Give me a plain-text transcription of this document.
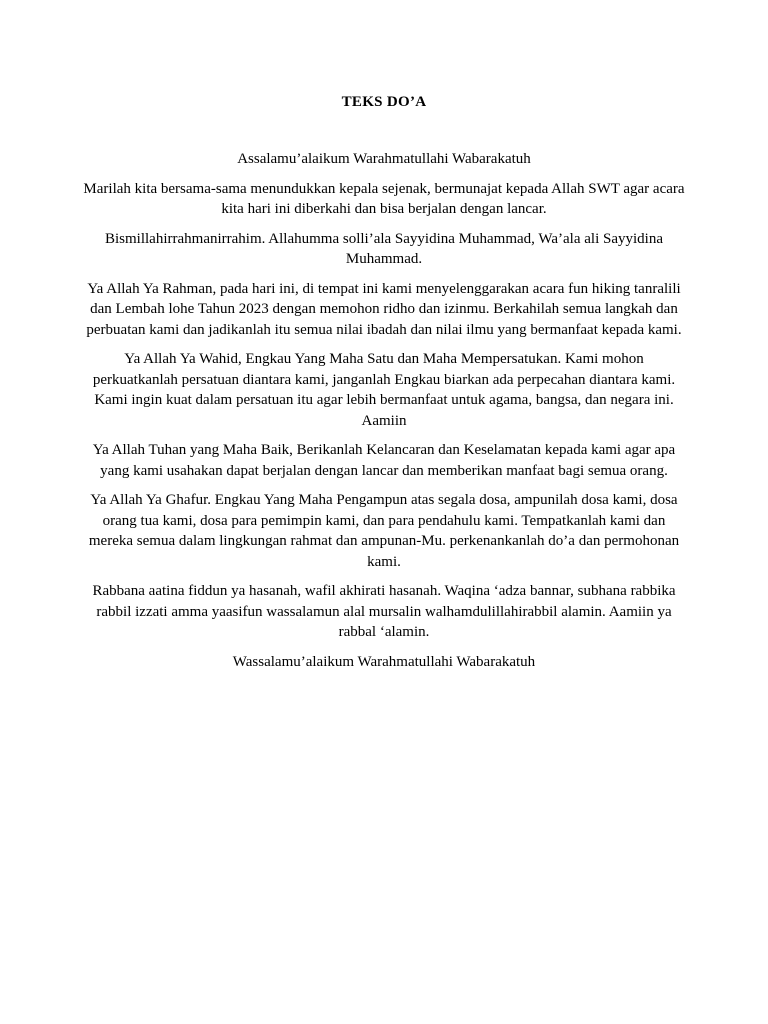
TEKS DO’A

Assalamu’alaikum Warahmatullahi Wabarakatuh

Marilah kita bersama-sama menundukkan kepala sejenak, bermunajat kepada Allah SWT agar acara kita hari ini diberkahi dan bisa berjalan dengan lancar.

Bismillahirrahmanirrahim. Allahumma solli’ala Sayyidina Muhammad, Wa’ala ali Sayyidina Muhammad.

Ya Allah Ya Rahman, pada hari ini, di tempat ini kami menyelenggarakan acara fun hiking tanralili dan Lembah lohe Tahun 2023 dengan memohon ridho dan izinmu. Berkahilah semua langkah dan perbuatan kami dan jadikanlah itu semua nilai ibadah dan nilai ilmu yang bermanfaat kepada kami.

Ya Allah Ya Wahid, Engkau Yang Maha Satu dan Maha Mempersatukan. Kami mohon perkuatkanlah persatuan diantara kami, janganlah Engkau biarkan ada perpecahan diantara kami. Kami ingin kuat dalam persatuan itu agar lebih bermanfaat untuk agama, bangsa, dan negara ini. Aamiin

Ya Allah Tuhan yang Maha Baik, Berikanlah Kelancaran dan Keselamatan kepada kami agar apa yang kami usahakan dapat berjalan dengan lancar dan memberikan manfaat bagi semua orang.

Ya Allah Ya Ghafur. Engkau Yang Maha Pengampun atas segala dosa, ampunilah dosa kami, dosa orang tua kami, dosa para pemimpin kami, dan para pendahulu kami. Tempatkanlah kami dan mereka semua dalam lingkungan rahmat dan ampunan-Mu. perkenankanlah do’a dan permohonan kami.

Rabbana aatina fiddun ya hasanah, wafil akhirati hasanah. Waqina ‘adza bannar, subhana rabbika rabbil izzati amma yaasifun wassalamun alal mursalin walhamdulillahirabbil alamin. Aamiin ya rabbal ‘alamin.

Wassalamu’alaikum Warahmatullahi Wabarakatuh
